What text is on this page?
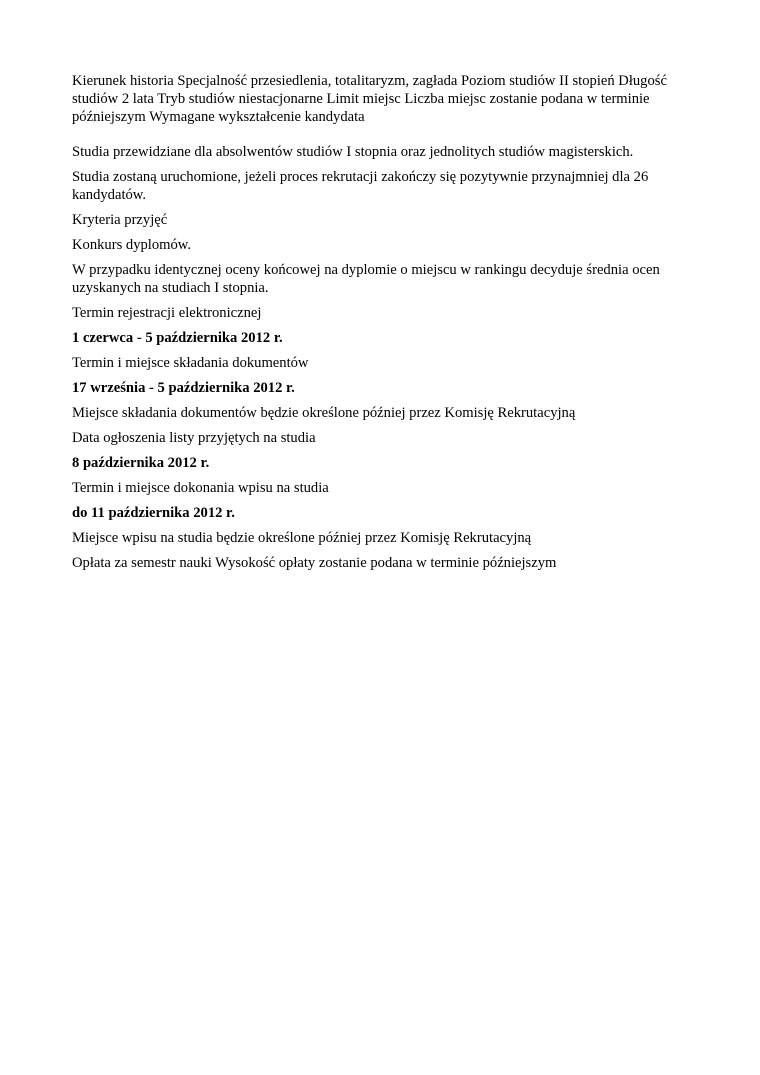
Kierunek historia Specjalność przesiedlenia, totalitaryzm, zagłada Poziom studiów II stopień Długość studiów 2 lata Tryb studiów niestacjonarne Limit miejsc Liczba miejsc zostanie podana w terminie późniejszym Wymagane wykształcenie kandydata

Studia przewidziane dla absolwentów studiów I stopnia oraz jednolitych studiów magisterskich.

Studia zostaną uruchomione, jeżeli proces rekrutacji zakończy się pozytywnie przynajmniej dla 26 kandydatów.

Kryteria przyjęć

Konkurs dyplomów.

W przypadku identycznej oceny końcowej na dyplomie o miejscu w rankingu decyduje średnia ocen uzyskanych na studiach I stopnia.

Termin rejestracji elektronicznej

1 czerwca - 5 października 2012 r.

Termin i miejsce składania dokumentów

17 września - 5 października 2012 r.

Miejsce składania dokumentów będzie określone później przez Komisję Rekrutacyjną

Data ogłoszenia listy przyjętych na studia

8 października 2012 r.

Termin i miejsce dokonania wpisu na studia

do 11 października 2012 r.

Miejsce wpisu na studia będzie określone później przez Komisję Rekrutacyjną

Opłata za semestr nauki Wysokość opłaty zostanie podana w terminie późniejszym
